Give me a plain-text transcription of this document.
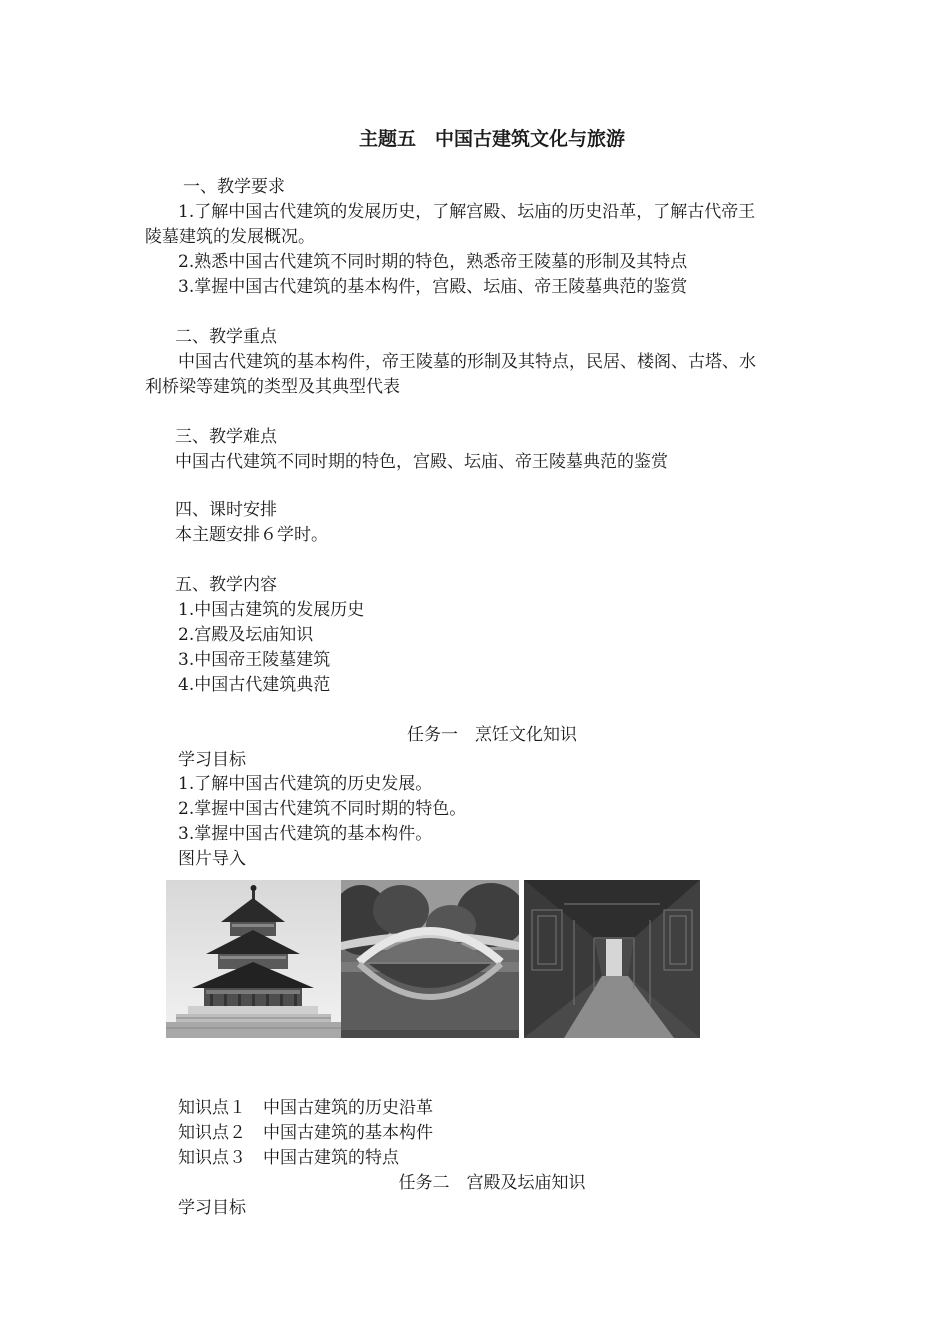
主题五　中国古建筑文化与旅游
一、教学要求
1.了解中国古代建筑的发展历史，了解宫殿、坛庙的历史沿革，了解古代帝王
陵墓建筑的发展概况。
2.熟悉中国古代建筑不同时期的特色，熟悉帝王陵墓的形制及其特点
3.掌握中国古代建筑的基本构件，宫殿、坛庙、帝王陵墓典范的鉴赏
二、教学重点
中国古代建筑的基本构件，帝王陵墓的形制及其特点，民居、楼阁、古塔、水
利桥梁等建筑的类型及其典型代表
三、教学难点
中国古代建筑不同时期的特色，宫殿、坛庙、帝王陵墓典范的鉴赏
四、课时安排
本主题安排６学时。
五、教学内容
1.中国古建筑的发展历史
2.宫殿及坛庙知识
3.中国帝王陵墓建筑
4.中国古代建筑典范
任务一　烹饪文化知识
学习目标
1.了解中国古代建筑的历史发展。
2.掌握中国古代建筑不同时期的特色。
3.掌握中国古代建筑的基本构件。
图片导入
知识点１　中国古建筑的历史沿革
知识点２　中国古建筑的基本构件
知识点３　中国古建筑的特点
任务二　宫殿及坛庙知识
学习目标
